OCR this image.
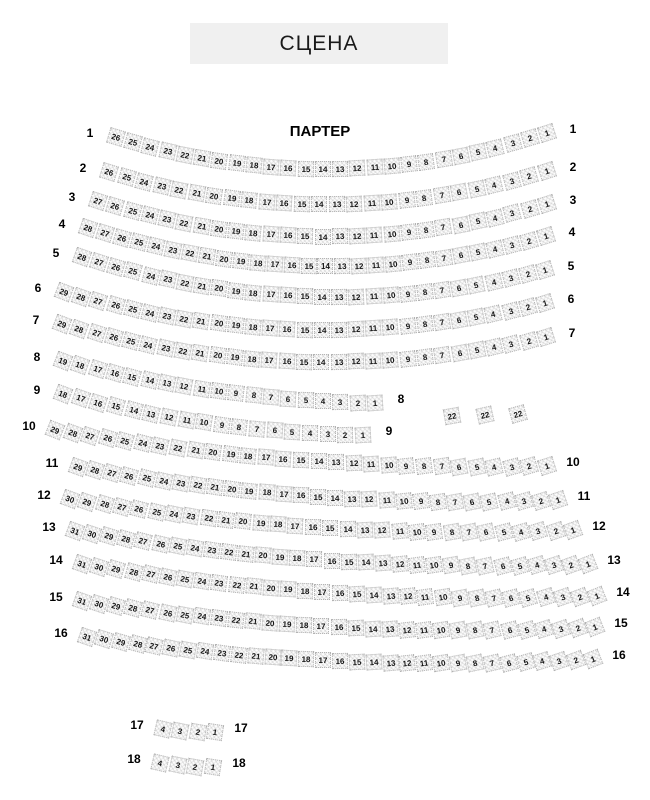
СЦЕНА
ПАРТЕР
1	1
26 25 24 23 22 21 20 19 18 17 16 15	14	13	12	11 10	9	8	7	6	5	4	3
2
1
2	2
26 25 24 23 22 21 20 19 18 17	16	15	14	13	12	11	10	9	8	7	6	5	4	3	2
1
3	3
27 26 25 24 23 22 21 20 19 18 17 16	15	14	13	12	11 10	9	8	7	6	5	4	3	2	1
4
4
28 27 26 25 24 23 22 21 20 19 18 17 16 15 14 13 12 11 10	9	8	7	6	5	4	3	2	1
5
5
28 27 26 25 24 23 22 21 20 19 18 17 16 15	14	13 12 11 10	9	8	7	6	5	4	3	2	1
6
6
29 28 27 26 25 24 23 22 21 20 19 18 17 16 15	14	13	12 11 10	9	8	7	6	5	4	3	2	1
7
7
29 28 27 26 25 24 23 22 21 20 19 18 17 16	15	14	13	12	11 10	9	8	7	6	5	4	3	2	1
8
8
19 18 17 16 15 14 13 12 11 10	9	8	7	6	5	4	3	2	1
9
9
18 17 16 15 14 13 12 11 10	9	8	7	6	5	4	3	2	1
10
10
29 28 27 26 25 24 23 22 21 20 19 18 17	16	15	14	13	12	11	10	9	8	7	6	5	4	3	2	1
11
11
29 28 27 26 25 24 23 22 21 20 19 18 17 16	15	14	13 12 11 10	9	8	7	6	5	4	3	2	1
12
12
30 29 28 27 26 25 24 23 22 21 20 19 18 17	16	15	14	13 12 11 10	9	8	7	6	5	4	3	2	1
13
13
31 30 29 28 27 26 25 24 23 22 21 20 19 18 17	16	15 14 13 12 11 10	9	8	7	6	5	4	3	2	1
14
14
31 30 29 28 27 26 25 24 23 22 21 20 19 18	17	16 15 14 13 12 11 10	9	8	7	6	5	4	3	2	1
15
15
31 30 29 28 27 26 25 24 23 22 21 20 19 18	17	16 15 14 13 12 11 10	9	8	7	6	5	4	3	2	1
16
16
31 30 29 28 27 26 25 24 23 22 21 20 19 18 17 16 15 14 13 12 11 10	9	8	7	6	5	4	3	2	1
17	17
4	3	2	1
18	18
4	3	2	1
22	22	22
